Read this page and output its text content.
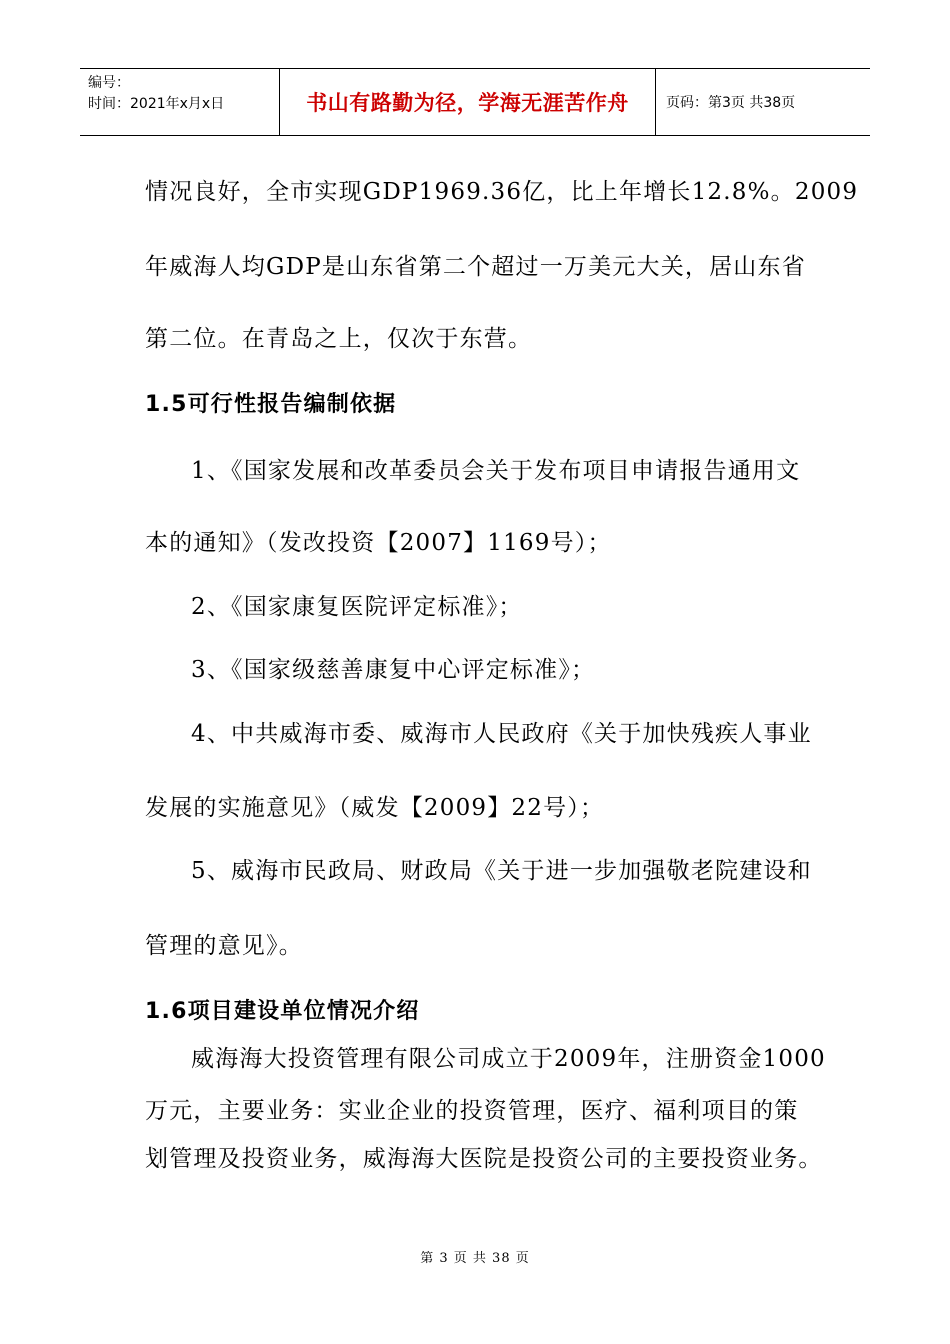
编号：
时间：2021年x月x日	书山有路勤为径，学海无涯苦作舟	页码：第3页 共38页
情况良好，全市实现GDP1969.36亿，比上年增长12.8%。2009
年威海人均GDP是山东省第二个超过一万美元大关，居山东省
第二位。在青岛之上，仅次于东营。
1.5可行性报告编制依据
1、《国家发展和改革委员会关于发布项目申请报告通用文
本的通知》（发改投资【2007】1169号）；
2、《国家康复医院评定标准》；
3、《国家级慈善康复中心评定标准》；
4、中共威海市委、威海市人民政府《关于加快残疾人事业
发展的实施意见》（威发【2009】22号）；
5、威海市民政局、财政局《关于进一步加强敬老院建设和
管理的意见》。
1.6项目建设单位情况介绍
威海海大投资管理有限公司成立于2009年，注册资金1000
万元，主要业务：实业企业的投资管理，医疗、福利项目的策
划管理及投资业务，威海海大医院是投资公司的主要投资业务。
第 3 页 共 38 页
